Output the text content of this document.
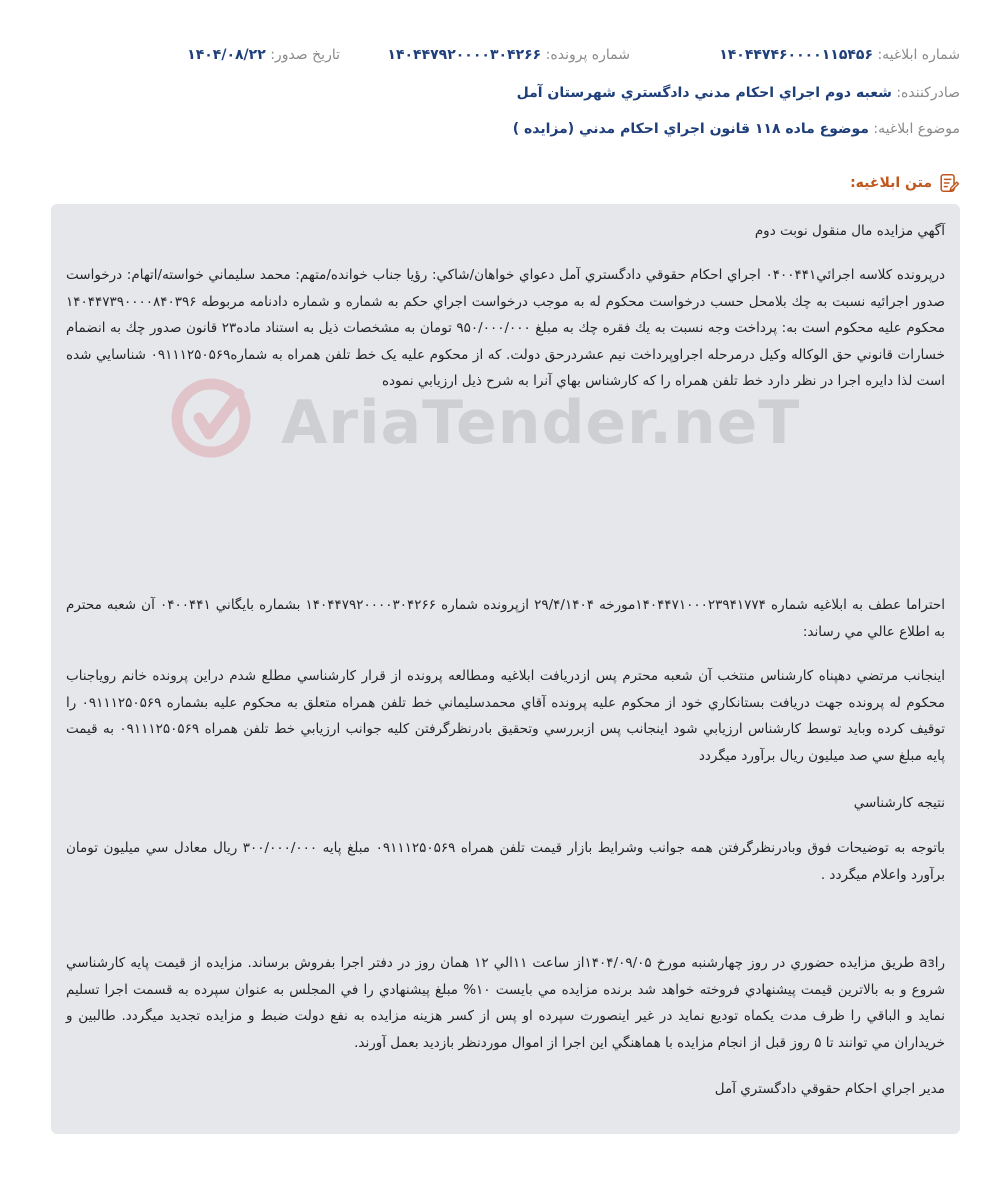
شماره ابلاغيه: ۱۴۰۴۴۷۴۶۰۰۰۰۱۱۵۴۵۶
شماره پرونده: ۱۴۰۴۴۷۹۲۰۰۰۰۳۰۴۲۶۶
تاريخ صدور: ۱۴۰۴/۰۸/۲۲
صادرکننده: شعبه دوم اجراي احکام مدني دادگستري شهرستان آمل
موضوع ابلاغيه: موضوع ماده ۱۱۸ قانون اجراي احکام مدني (مزايده )
متن ابلاغيه:
AriaTender.neT
آگهي مزايده مال منقول نوبت دوم
درپرونده کلاسه اجرائي۰۴۰۰۴۴۱ اجراي احکام حقوقي دادگستري آمل دعواي خواهان/شاکي: رؤيا جناب خوانده/متهم: محمد سليماني خواسته/اتهام: درخواست صدور اجرائيه نسبت به چك بلامحل حسب درخواست محکوم له به موجب درخواست اجراي حکم به شماره و شماره دادنامه مربوطه ۱۴۰۴۴۷۳۹۰۰۰۰۸۴۰۳۹۶ محکوم عليه محکوم است به: پرداخت وجه نسبت به يك فقره چك به مبلغ ۹۵۰/۰۰۰/۰۰۰ تومان به مشخصات ذيل به استناد ماده۲۳ قانون صدور چك به انضمام خسارات قانوني حق الوکاله وکيل درمرحله اجراوپرداخت نيم عشردرحق دولت. که از محکوم عليه يک خط تلفن همراه به شماره۰۹۱۱۱۲۵۰۵۶۹ شناسايي شده است لذا دايره اجرا در نظر دارد خط تلفن همراه را که کارشناس بهاي آنرا به شرح ذيل ارزيابي نموده
احتراما عطف به ابلاغيه شماره ۱۴۰۴۴۷۱۰۰۰۲۳۹۴۱۷۷۴مورخه ۲۹/۴/۱۴۰۴ ازپرونده شماره ۱۴۰۴۴۷۹۲۰۰۰۰۳۰۴۲۶۶ بشماره بايگاني ۰۴۰۰۴۴۱ آن شعبه محترم به اطلاع عالي مي رساند:
اينجانب مرتضي دهپناه کارشناس منتخب آن شعبه محترم پس ازدريافت ابلاغيه ومطالعه پرونده از قرار کارشناسي مطلع شدم دراين پرونده خانم روياجناب محکوم له پرونده جهت دريافت بستانکاري خود از محکوم عليه پرونده آقاي محمدسليماني خط تلفن همراه متعلق به محکوم عليه بشماره ۰۹۱۱۱۲۵۰۵۶۹ را توقيف کرده وبايد توسط کارشناس ارزيابي شود اينجانب پس ازبررسي وتحقيق بادرنظرگرفتن کليه جوانب ارزيابي خط تلفن همراه ۰۹۱۱۱۲۵۰۵۶۹ به قيمت پايه مبلغ سي صد ميليون ريال برآورد ميگردد
نتيجه کارشناسي
باتوجه به توضيحات فوق وبادرنظرگرفتن همه جوانب وشرايط بازار قيمت تلفن همراه ۰۹۱۱۱۲۵۰۵۶۹ مبلغ پايه ۳۰۰/۰۰۰/۰۰۰ ريال معادل سي ميليون تومان برآورد واعلام ميگردد .
راаз طريق مزايده حضوري در روز چهارشنبه مورخ ۱۴۰۴/۰۹/۰۵از ساعت ۱۱الي ۱۲ همان روز در دفتر اجرا بفروش برساند. مزايده از قيمت پايه کارشناسي شروع و به بالاترين قيمت پيشنهادي فروخته خواهد شد برنده مزايده مي بايست ۱۰% مبلغ پيشنهادي را في المجلس به عنوان سپرده به قسمت اجرا تسليم نمايد و الباقي را ظرف مدت يکماه توديع نمايد در غير اينصورت سپرده او پس از کسر هزينه مزايده به نفع دولت ضبط و مزايده تجديد ميگردد. طالبين و خريداران مي توانند تا ۵ روز قبل از انجام مزايده با هماهنگي اين اجرا از اموال موردنظر بازديد بعمل آورند.
مدير اجراي احکام حقوقي دادگستري آمل
